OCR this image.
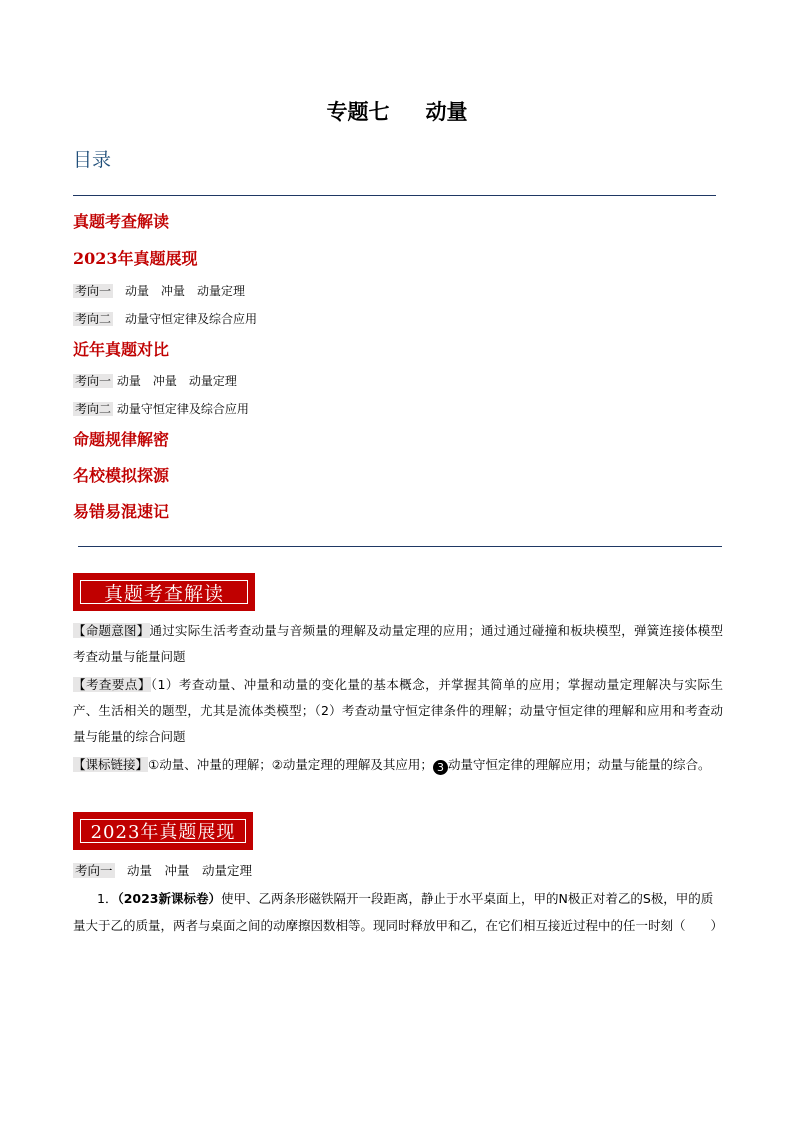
专题七 动量
目录
真题考查解读
2023年真题展现
考向一　 动量　冲量　动量定理
考向二　 动量守恒定律及综合应用
近年真题对比
考向一 动量　冲量　动量定理
考向二 动量守恒定律及综合应用
命题规律解密
名校模拟探源
易错易混速记
真题考查解读
【命题意图】通过实际生活考查动量与音频量的理解及动量定理的应用；通过通过碰撞和板块模型，弹簧连接体模型考查动量与能量问题
【考查要点】（1）考查动量、冲量和动量的变化量的基本概念，并掌握其简单的应用；掌握动量定理解决与实际生产、生活相关的题型，尤其是流体类模型；（2）考查动量守恒定律条件的理解；动量守恒定律的理解和应用和考查动量与能量的综合问题
【课标链接】①动量、冲量的理解；②动量定理的理解及其应用； 3 动量守恒定律的理解应用；动量与能量的综合。
2023年真题展现
考向一　 动量　冲量　动量定理
1．（2023新课标卷）使甲、乙两条形磁铁隔开一段距离，静止于水平桌面上，甲的N极正对着乙的S极，甲的质量大于乙的质量，两者与桌面之间的动摩擦因数相等。现同时释放甲和乙，在它们相互接近过程中的任一时刻（　　）
